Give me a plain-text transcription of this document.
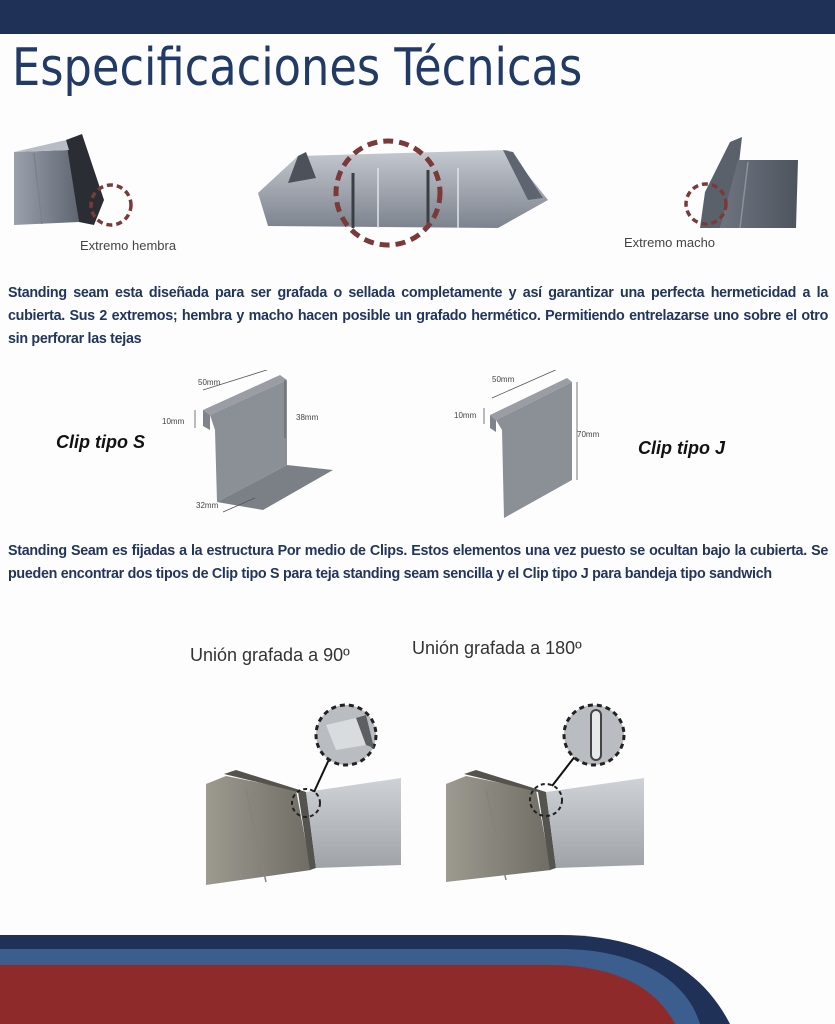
Especificaciones Técnicas
Extremo hembra	Extremo macho

Standing seam esta diseñada para ser grafada o sellada completamente y así garantizar una perfecta hermeticidad a la cubierta. Sus 2 extremos; hembra y macho hacen posible un grafado hermético. Permitiendo entrelazarse uno sobre el otro sin perforar las tejas

Clip tipo S
50mm
10mm	38mm
32mm
50mm
10mm
70mm
Clip tipo J

Standing Seam es fijadas a la estructura Por medio de Clips. Estos elementos una vez puesto se ocultan bajo la cubierta. Se pueden encontrar dos tipos de Clip tipo S para teja standing seam sencilla y el Clip tipo J para bandeja tipo sandwich

Unión grafada a 90º	Unión grafada a 180º
